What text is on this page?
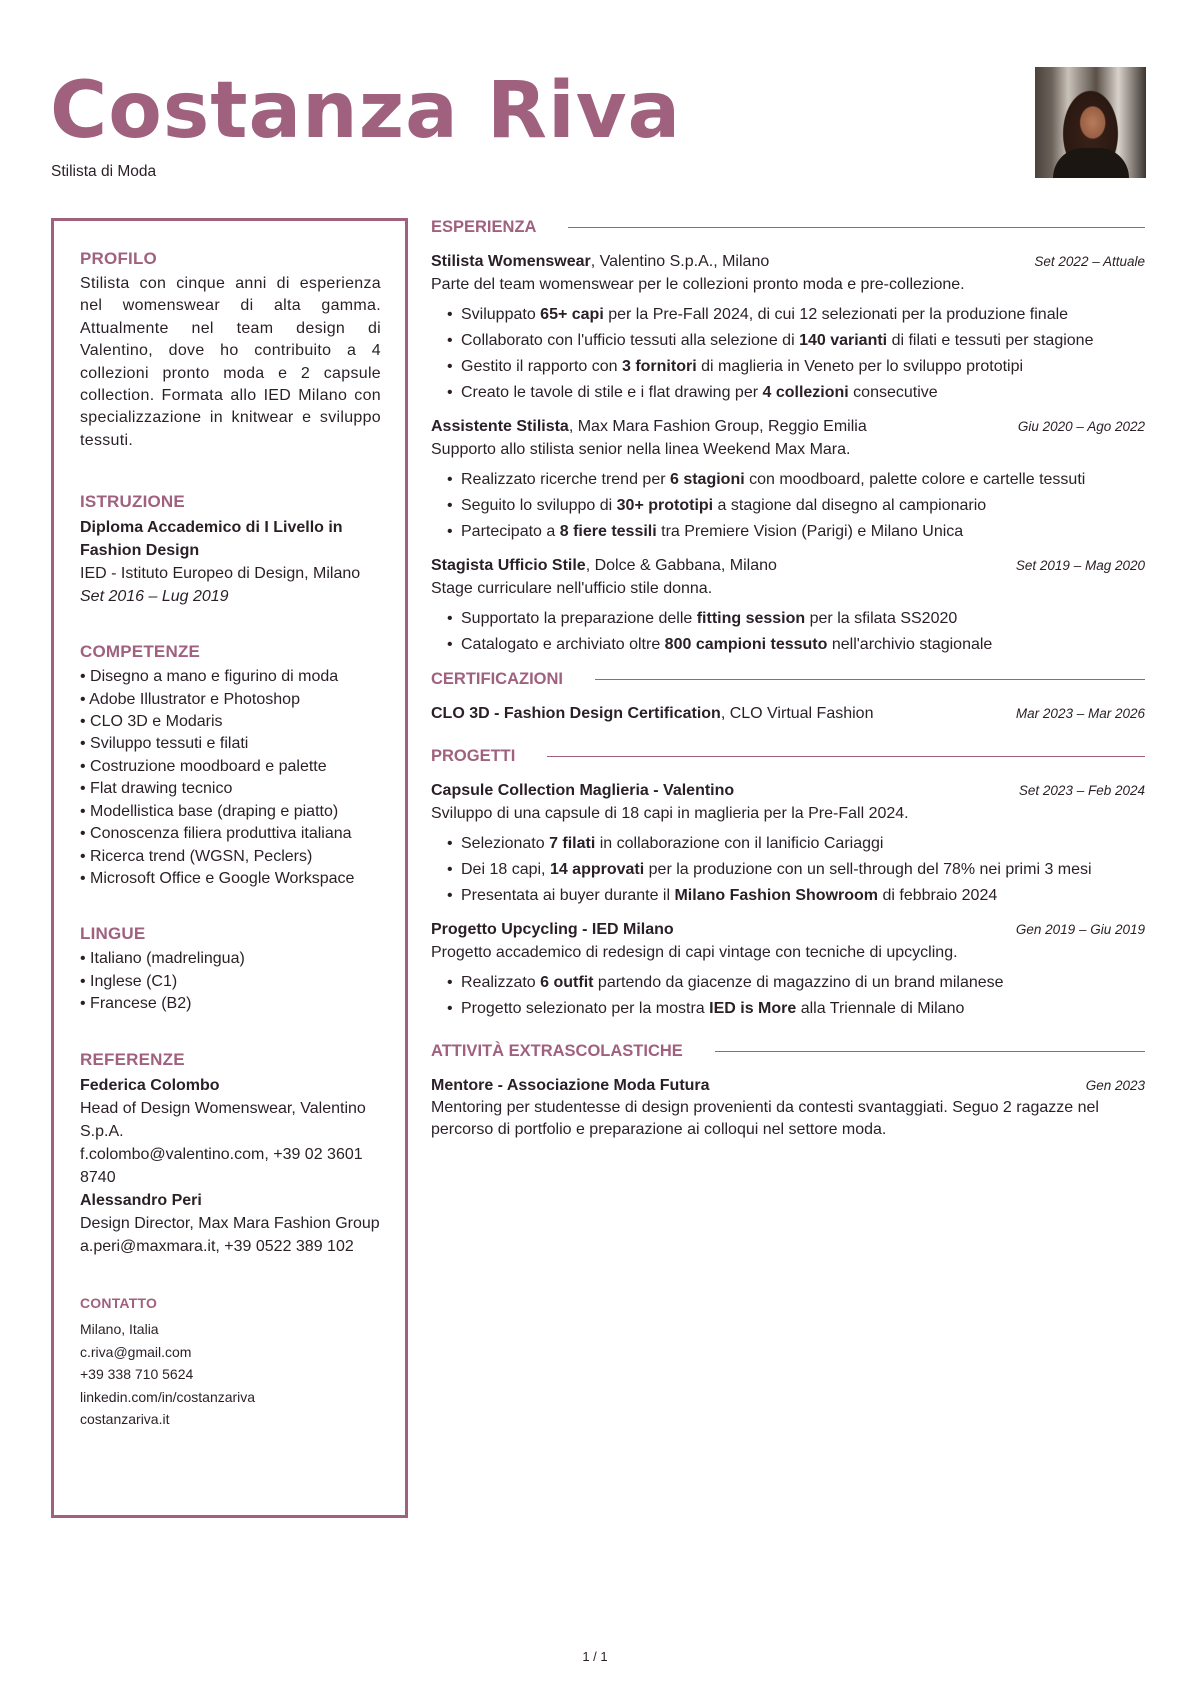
Costanza Riva
Stilista di Moda
PROFILO

Stilista con cinque anni di esperienza nel womenswear di alta gamma. Attualmente nel team design di Valentino, dove ho contribuito a 4 collezioni pronto moda e 2 capsule collection. Formata allo IED Milano con specializzazione in knitwear e sviluppo tessuti.

ISTRUZIONE
Diploma Accademico di I Livello in Fashion Design
IED - Istituto Europeo di Design, Milano
Set 2016 – Lug 2019
COMPETENZE
• Disegno a mano e figurino di moda
• Adobe Illustrator e Photoshop
• CLO 3D e Modaris
• Sviluppo tessuti e filati
• Costruzione moodboard e palette
• Flat drawing tecnico
• Modellistica base (draping e piatto)
• Conoscenza filiera produttiva italiana
• Ricerca trend (WGSN, Peclers)
• Microsoft Office e Google Workspace
LINGUE
• Italiano (madrelingua)
• Inglese (C1)
• Francese (B2)
REFERENZE
Federica Colombo
Head of Design Womenswear, Valentino S.p.A.
f.colombo@valentino.com, +39 02 3601 8740
Alessandro Peri
Design Director, Max Mara Fashion Group
a.peri@maxmara.it, +39 0522 389 102
CONTATTO
Milano, Italia
c.riva@gmail.com
+39 338 710 5624
linkedin.com/in/costanzariva
costanzariva.it
ESPERIENZA
Stilista Womenswear, Valentino S.p.A., Milano	Set 2022 – Attuale
Parte del team womenswear per le collezioni pronto moda e pre-collezione.
• Sviluppato 65+ capi per la Pre-Fall 2024, di cui 12 selezionati per la produzione finale
• Collaborato con l'ufficio tessuti alla selezione di 140 varianti di filati e tessuti per stagione
• Gestito il rapporto con 3 fornitori di maglieria in Veneto per lo sviluppo prototipi
• Creato le tavole di stile e i flat drawing per 4 collezioni consecutive
Assistente Stilista, Max Mara Fashion Group, Reggio Emilia	Giu 2020 – Ago 2022
Supporto allo stilista senior nella linea Weekend Max Mara.
• Realizzato ricerche trend per 6 stagioni con moodboard, palette colore e cartelle tessuti
• Seguito lo sviluppo di 30+ prototipi a stagione dal disegno al campionario
• Partecipato a 8 fiere tessili tra Premiere Vision (Parigi) e Milano Unica
Stagista Ufficio Stile, Dolce & Gabbana, Milano	Set 2019 – Mag 2020
Stage curriculare nell'ufficio stile donna.
• Supportato la preparazione delle fitting session per la sfilata SS2020
• Catalogato e archiviato oltre 800 campioni tessuto nell'archivio stagionale
CERTIFICAZIONI
CLO 3D - Fashion Design Certification, CLO Virtual Fashion	Mar 2023 – Mar 2026
PROGETTI
Capsule Collection Maglieria - Valentino	Set 2023 – Feb 2024
Sviluppo di una capsule di 18 capi in maglieria per la Pre-Fall 2024.
• Selezionato 7 filati in collaborazione con il lanificio Cariaggi
• Dei 18 capi, 14 approvati per la produzione con un sell-through del 78% nei primi 3 mesi
• Presentata ai buyer durante il Milano Fashion Showroom di febbraio 2024
Progetto Upcycling - IED Milano	Gen 2019 – Giu 2019
Progetto accademico di redesign di capi vintage con tecniche di upcycling.
• Realizzato 6 outfit partendo da giacenze di magazzino di un brand milanese
• Progetto selezionato per la mostra IED is More alla Triennale di Milano
ATTIVITÀ EXTRASCOLASTICHE
Mentore - Associazione Moda Futura	Gen 2023
Mentoring per studentesse di design provenienti da contesti svantaggiati. Seguo 2 ragazze nel percorso di portfolio e preparazione ai colloqui nel settore moda.
1 / 1
